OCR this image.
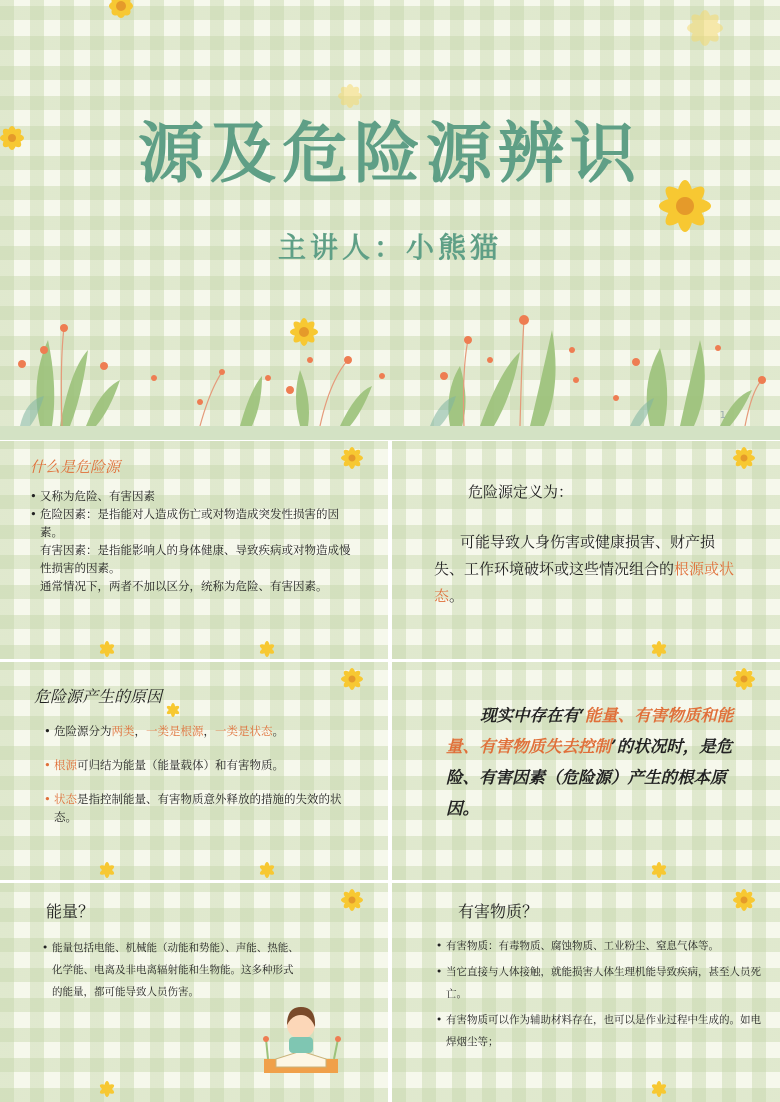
源及危险源辨识
主讲人：小熊猫
1
什么是危险源
• 又称为危险、有害因素
• 危险因素：是指能对人造成伤亡或对物造成突发性损害的因素。
有害因素：是指能影响人的身体健康、导致疾病或对物造成慢性损害的因素。
通常情况下，两者不加以区分，统称为危险、有害因素。
危险源定义为：
可能导致人身伤害或健康损害、财产损失、工作环境破坏或这些情况组合的根源或状态。
危险源产生的原因
• 危险源分为两类，一类是根源，一类是状态。
• 根源可归结为能量（能量载体）和有害物质。
• 状态是指控制能量、有害物质意外释放的措施的失效的状态。
现实中存在有‘能量、有害物质和能量、有害物质失去控制’的状况时，是危险、有害因素（危险源）产生的根本原因。
能量？
• 能量包括电能、机械能（动能和势能）、声能、热能、
化学能、电离及非电离辐射能和生物能。这多种形式
的能量，都可能导致人员伤害。
有害物质？
• 有害物质：有毒物质、腐蚀物质、工业粉尘、窒息气体等。
• 当它直接与人体接触，就能损害人体生理机能导致疾病，甚至人员死亡。
• 有害物质可以作为辅助材料存在，也可以是作业过程中生成的。如电焊烟尘等；
